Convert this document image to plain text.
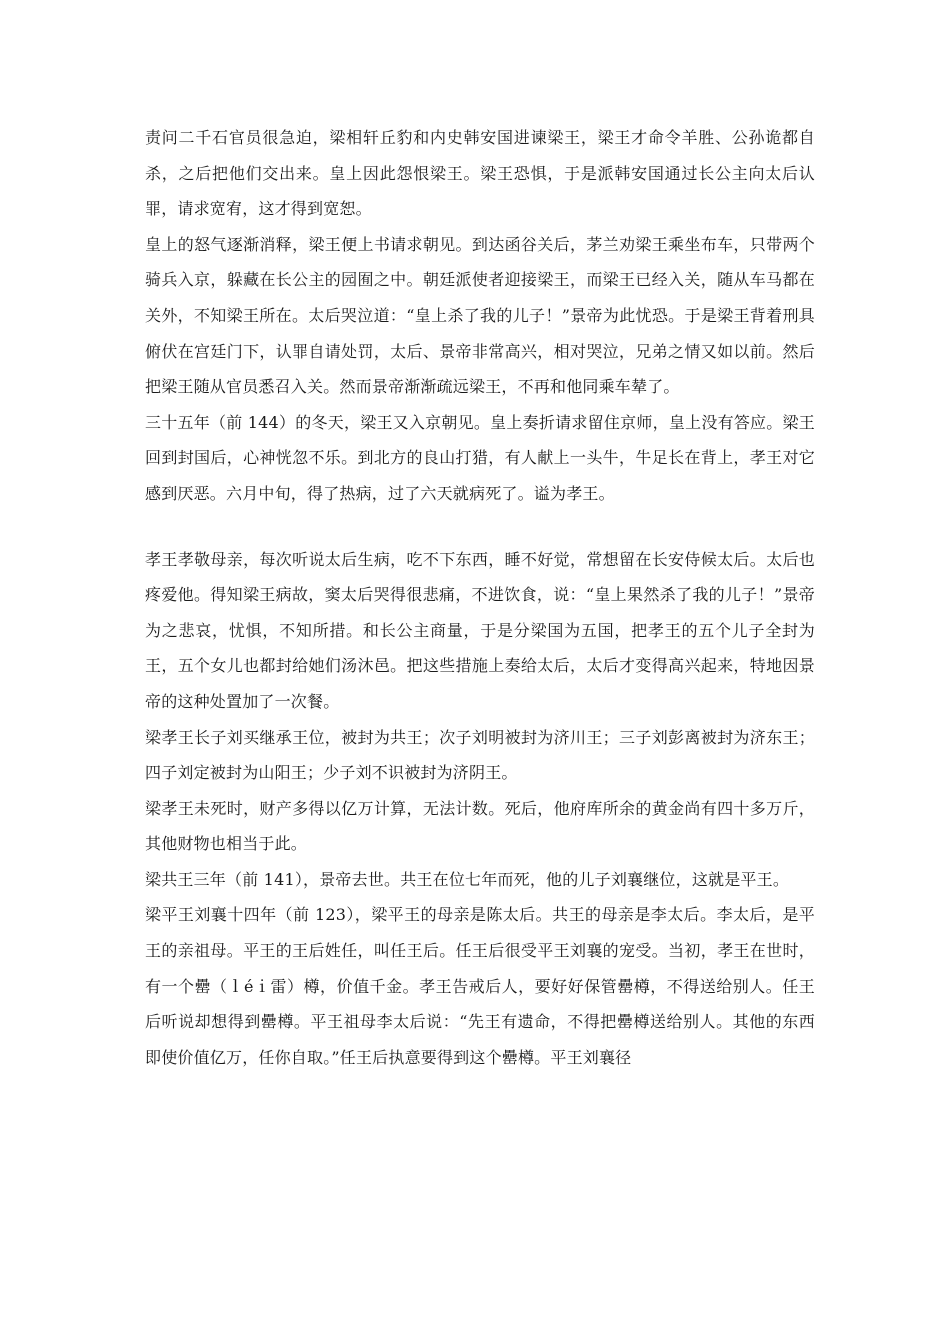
责问二千石官员很急迫，梁相轩丘豹和内史韩安国进谏梁王，梁王才命令羊胜、公孙诡都自杀，之后把他们交出来。皇上因此怨恨梁王。梁王恐惧，于是派韩安国通过长公主向太后认罪，请求宽宥，这才得到宽恕。

皇上的怒气逐渐消释，梁王便上书请求朝见。到达函谷关后，茅兰劝梁王乘坐布车，只带两个骑兵入京，躲藏在长公主的园囿之中。朝廷派使者迎接梁王，而梁王已经入关，随从车马都在关外，不知梁王所在。太后哭泣道：“皇上杀了我的儿子！”景帝为此忧恐。于是梁王背着刑具俯伏在宫廷门下，认罪自请处罚，太后、景帝非常高兴，相对哭泣，兄弟之情又如以前。然后把梁王随从官员悉召入关。然而景帝渐渐疏远梁王，不再和他同乘车辇了。

三十五年（前 144）的冬天，梁王又入京朝见。皇上奏折请求留住京师，皇上没有答应。梁王回到封国后，心神恍忽不乐。到北方的良山打猎，有人献上一头牛，牛足长在背上，孝王对它感到厌恶。六月中旬，得了热病，过了六天就病死了。谥为孝王。

孝王孝敬母亲，每次听说太后生病，吃不下东西，睡不好觉，常想留在长安侍候太后。太后也疼爱他。得知梁王病故，窦太后哭得很悲痛，不进饮食，说：“皇上果然杀了我的儿子！”景帝为之悲哀，忧惧，不知所措。和长公主商量，于是分梁国为五国，把孝王的五个儿子全封为王，五个女儿也都封给她们汤沐邑。把这些措施上奏给太后，太后才变得高兴起来，特地因景帝的这种处置加了一次餐。

梁孝王长子刘买继承王位，被封为共王；次子刘明被封为济川王；三子刘彭离被封为济东王；四子刘定被封为山阳王；少子刘不识被封为济阴王。

梁孝王未死时，财产多得以亿万计算，无法计数。死后，他府库所余的黄金尚有四十多万斤，其他财物也相当于此。

梁共王三年（前 141），景帝去世。共王在位七年而死，他的儿子刘襄继位，这就是平王。

梁平王刘襄十四年（前 123），梁平王的母亲是陈太后。共王的母亲是李太后。李太后，是平王的亲祖母。平王的王后姓任，叫任王后。任王后很受平王刘襄的宠受。当初，孝王在世时，有一个罍（ｌéｉ雷）樽，价值千金。孝王告戒后人，要好好保管罍樽，不得送给别人。任王后听说却想得到罍樽。平王祖母李太后说：“先王有遗命，不得把罍樽送给别人。其他的东西即使价值亿万，任你自取。”任王后执意要得到这个罍樽。平王刘襄径
